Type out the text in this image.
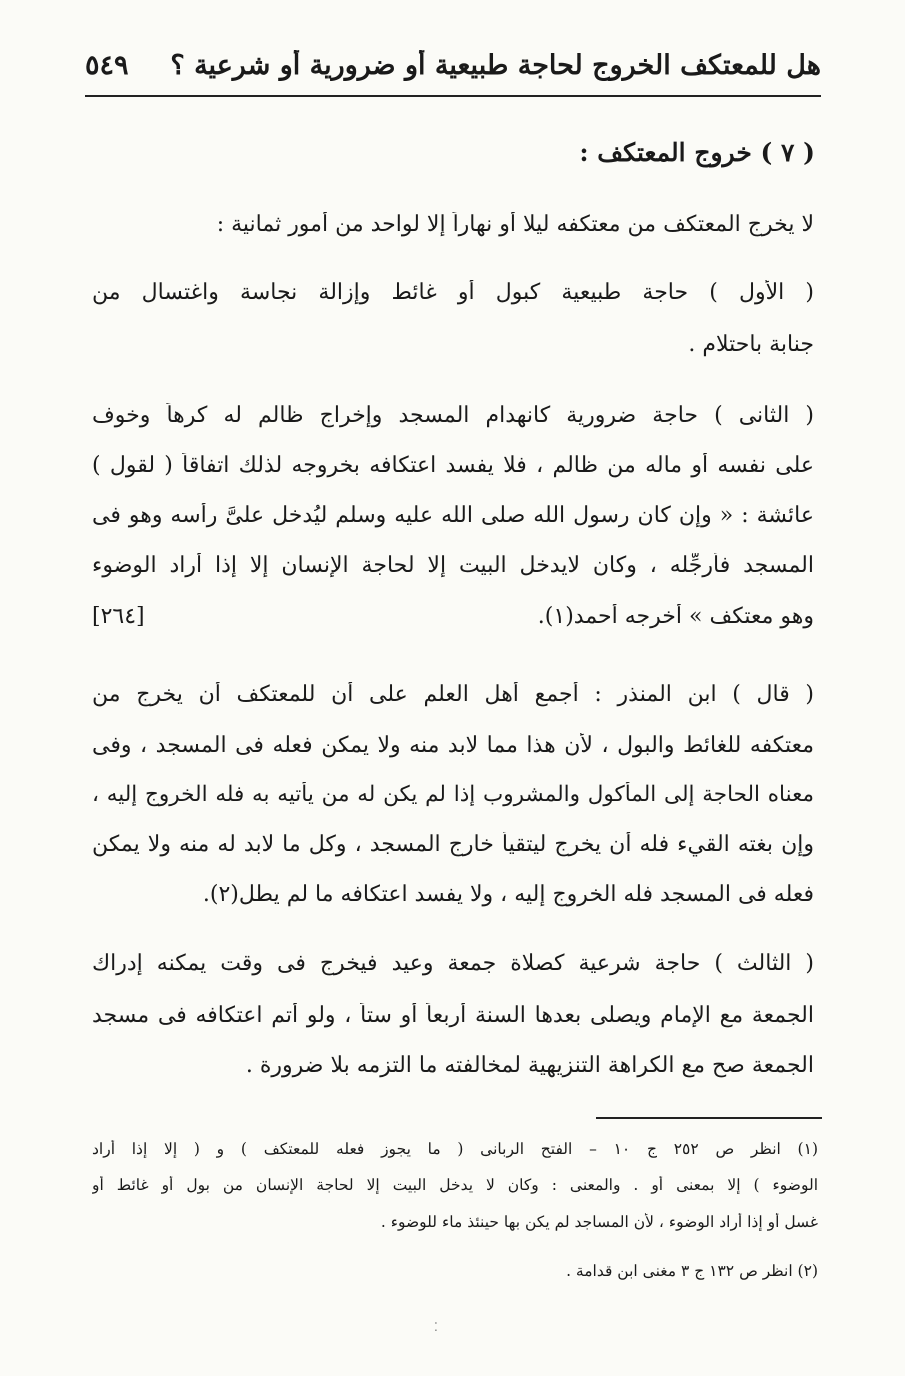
هل للمعتكف الخروج لحاجة طبيعية أو ضرورية أو شرعية ؟
٥٤٩
( ٧ ) خروج المعتكف :
لا يخرج المعتكف من معتكفه ليلا أو نهاراً إلا لواحد من أمور ثمانية :
( الأول ) حاجة طبيعية كبول أو غائط وإزالة نجاسة واغتسال من
جنابة باحتلام .
( الثانى ) حاجة ضرورية كانهدام المسجد وإخراج ظالم له كرهاً وخوف
على نفسه أو ماله من ظالم ، فلا يفسد اعتكافه بخروجه لذلك اتفاقاً ( لقول )
عائشة : « وإن كان رسول الله صلى الله عليه وسلم ليُدخل علىَّ رأسه وهو فى
المسجد فأرجِّله ، وكان لايدخل البيت إلا لحاجة الإنسان إلا إذا أراد الوضوء
وهو معتكف » أخرجه أحمد(١).
[٢٦٤]
( قال ) ابن المنذر : أجمع أهل العلم على أن للمعتكف أن يخرج من
معتكفه للغائط والبول ، لأن هذا مما لابد منه ولا يمكن فعله فى المسجد ، وفى
معناه الحاجة إلى المأكول والمشروب إذا لم يكن له من يأتيه به فله الخروج إليه ،
وإن بغته القيء فله أن يخرج ليتقيأ خارج المسجد ، وكل ما لابد له منه ولا يمكن
فعله فى المسجد فله الخروج إليه ، ولا يفسد اعتكافه ما لم يطل(٢).
( الثالث ) حاجة شرعية كصلاة جمعة وعيد فيخرج فى وقت يمكنه إدراك
الجمعة مع الإمام ويصلى بعدها السنة أربعاً أو ستاً ، ولو أتم اعتكافه فى مسجد
الجمعة صح مع الكراهة التنزيهية لمخالفته ما التزمه بلا ضرورة .
(١) انظر ص ٢٥٢ ج ١٠ – الفتح الربانى ( ما يجوز فعله للمعتكف ) و ( إلا إذا أراد
الوضوء ) إلا بمعنى أو . والمعنى : وكان لا يدخل البيت إلا لحاجة الإنسان من بول أو غائط أو
غسل أو إذا أراد الوضوء ، لأن المساجد لم يكن بها حينئذ ماء للوضوء .
(٢) انظر ص ١٣٢ ج ٣ مغنى ابن قدامة .
⁚
